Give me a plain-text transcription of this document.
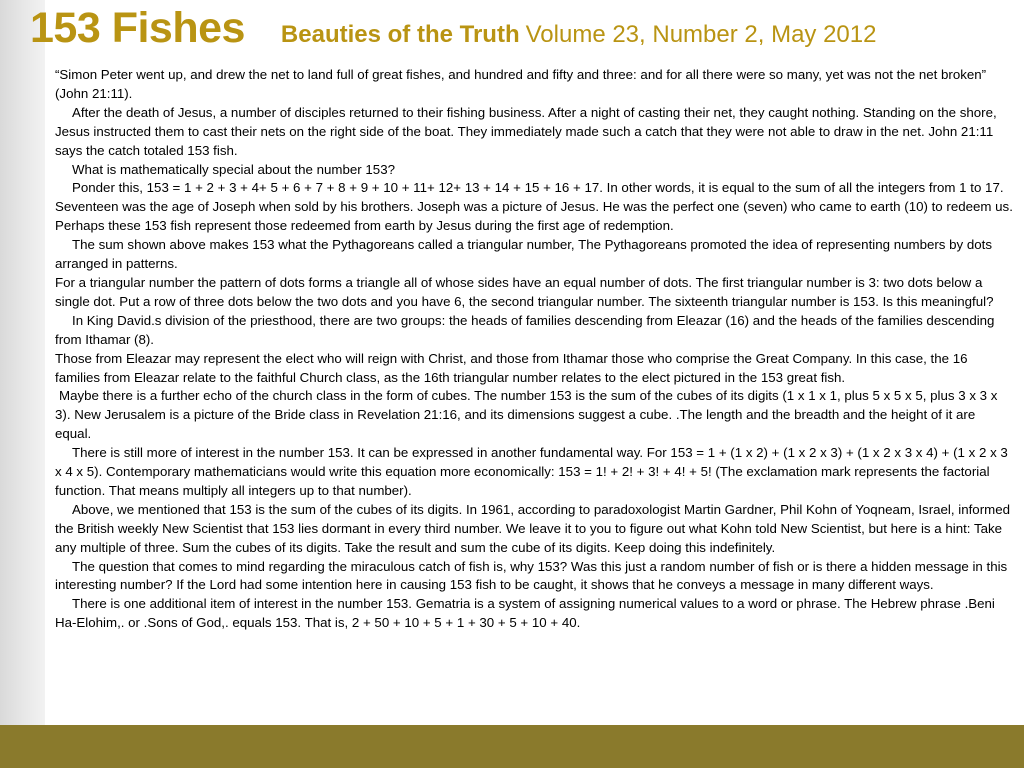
153 Fishes Beauties of the Truth Volume 23, Number 2, May 2012

“Simon Peter went up, and drew the net to land full of great fishes, and hundred and fifty and three: and for all there were so many, yet was not the net broken” (John 21:11).

After the death of Jesus, a number of disciples returned to their fishing business. After a night of casting their net, they caught nothing. Standing on the shore, Jesus instructed them to cast their nets on the right side of the boat. They immediately made such a catch that they were not able to draw in the net. John 21:11 says the catch totaled 153 fish.

What is mathematically special about the number 153?

Ponder this, 153 = 1 + 2 + 3 + 4+ 5 + 6 + 7 + 8 + 9 + 10 + 11+ 12+ 13 + 14 + 15 + 16 + 17. In other words, it is equal to the sum of all the integers from 1 to 17. Seventeen was the age of Joseph when sold by his brothers. Joseph was a picture of Jesus. He was the perfect one (seven) who came to earth (10) to redeem us. Perhaps these 153 fish represent those redeemed from earth by Jesus during the first age of redemption.

The sum shown above makes 153 what the Pythagoreans called a triangular number, The Pythagoreans promoted the idea of representing numbers by dots arranged in patterns.

For a triangular number the pattern of dots forms a triangle all of whose sides have an equal number of dots. The first triangular number is 3: two dots below a single dot. Put a row of three dots below the two dots and you have 6, the second triangular number. The sixteenth triangular number is 153. Is this meaningful?

In King David.s division of the priesthood, there are two groups: the heads of families descending from Eleazar (16) and the heads of the families descending from Ithamar (8).

Those from Eleazar may represent the elect who will reign with Christ, and those from Ithamar those who comprise the Great Company. In this case, the 16 families from Eleazar relate to the faithful Church class, as the 16th triangular number relates to the elect pictured in the 153 great fish.

Maybe there is a further echo of the church class in the form of cubes. The number 153 is the sum of the cubes of its digits (1 x 1 x 1, plus 5 x 5 x 5, plus 3 x 3 x 3). New Jerusalem is a picture of the Bride class in Revelation 21:16, and its dimensions suggest a cube. .The length and the breadth and the height of it are equal.

There is still more of interest in the number 153. It can be expressed in another fundamental way. For 153 = 1 + (1 x 2) + (1 x 2 x 3) + (1 x 2 x 3 x 4) + (1 x 2 x 3 x 4 x 5). Contemporary mathematicians would write this equation more economically: 153 = 1! + 2! + 3! + 4! + 5! (The exclamation mark represents the factorial function. That means multiply all integers up to that number).

Above, we mentioned that 153 is the sum of the cubes of its digits. In 1961, according to paradoxologist Martin Gardner, Phil Kohn of Yoqneam, Israel, informed the British weekly New Scientist that 153 lies dormant in every third number. We leave it to you to figure out what Kohn told New Scientist, but here is a hint: Take any multiple of three. Sum the cubes of its digits. Take the result and sum the cube of its digits. Keep doing this indefinitely.

The question that comes to mind regarding the miraculous catch of fish is, why 153? Was this just a random number of fish or is there a hidden message in this interesting number? If the Lord had some intention here in causing 153 fish to be caught, it shows that he conveys a message in many different ways.

There is one additional item of interest in the number 153. Gematria is a system of assigning numerical values to a word or phrase. The Hebrew phrase .Beni Ha-Elohim,. or .Sons of God,. equals 153. That is, 2 + 50 + 10 + 5 + 1 + 30 + 5 + 10 + 40.
